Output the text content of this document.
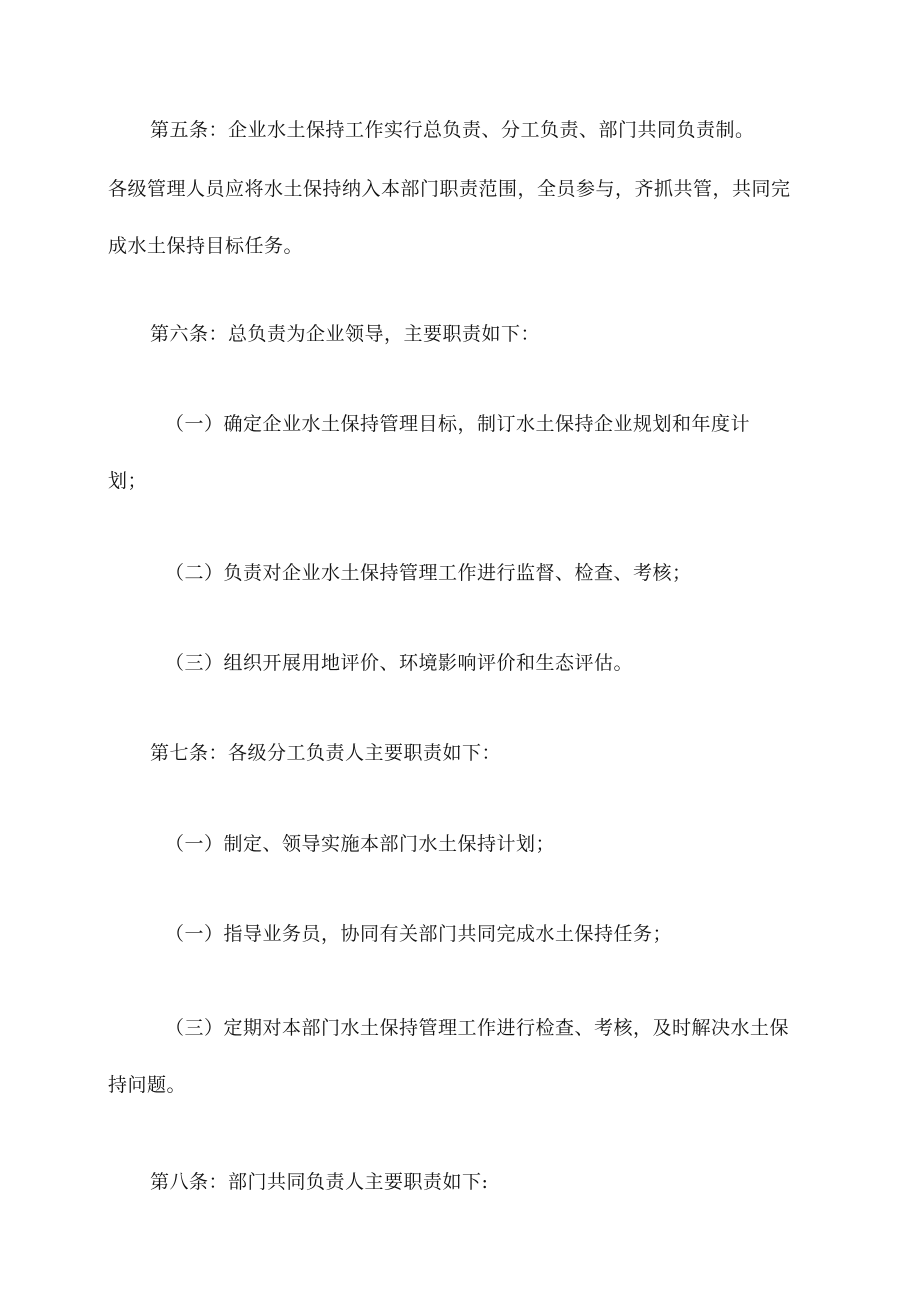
第五条：企业水土保持工作实行总负责、分工负责、部门共同负责制。
各级管理人员应将水土保持纳入本部门职责范围，全员参与，齐抓共管，共同完
成水土保持目标任务。
第六条：总负责为企业领导，主要职责如下：
（一）确定企业水土保持管理目标，制订水土保持企业规划和年度计
划；
（二）负责对企业水土保持管理工作进行监督、检查、考核；
（三）组织开展用地评价、环境影响评价和生态评估。
第七条：各级分工负责人主要职责如下：
（一）制定、领导实施本部门水土保持计划；
（一）指导业务员，协同有关部门共同完成水土保持任务；
（三）定期对本部门水土保持管理工作进行检查、考核，及时解决水土保
持问题。
第八条：部门共同负责人主要职责如下:
